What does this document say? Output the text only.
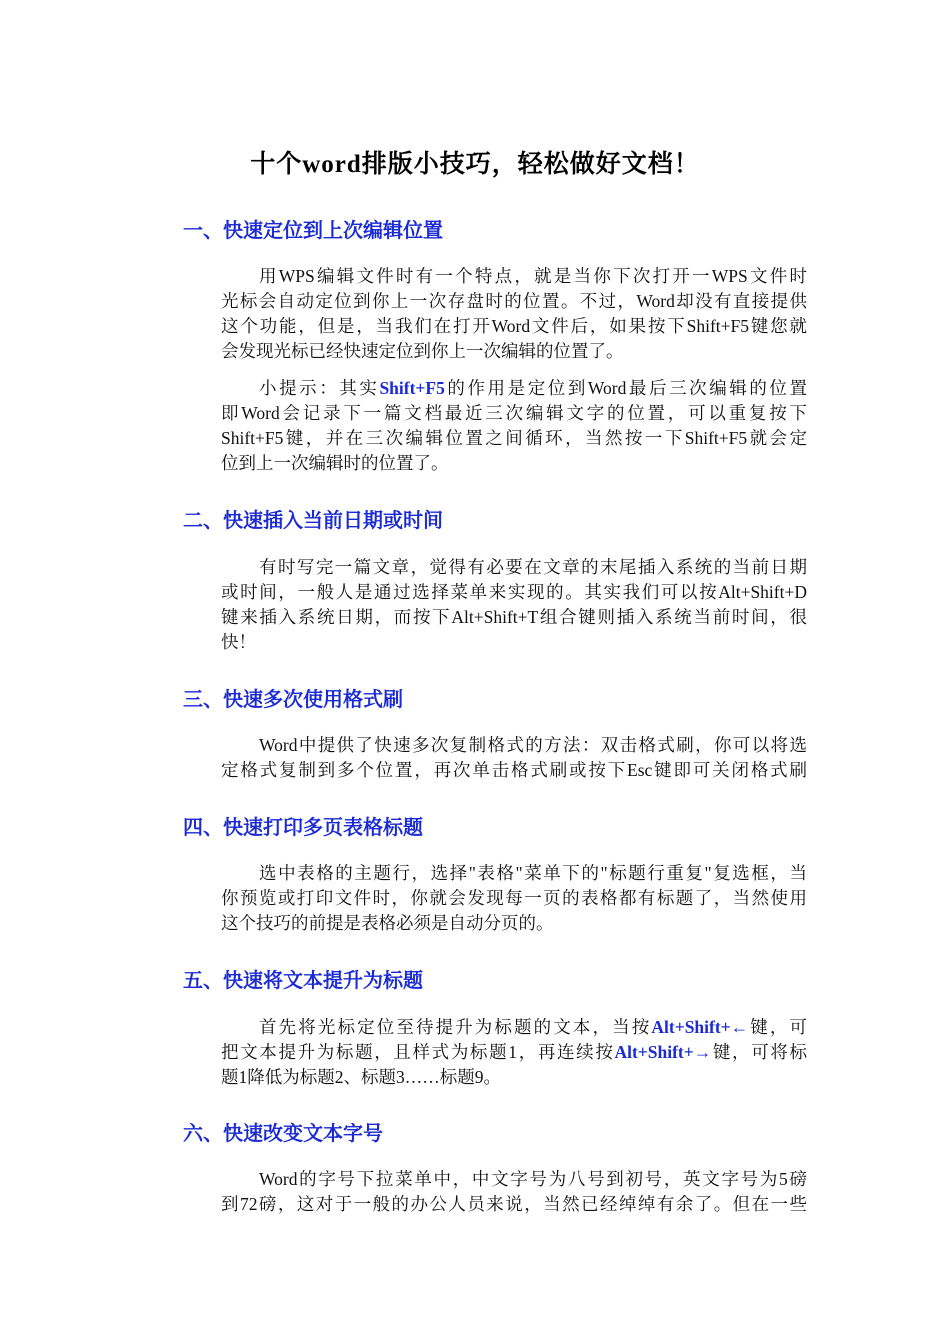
十个word排版小技巧，轻松做好文档！
一、快速定位到上次编辑位置
用WPS编辑文件时有一个特点，就是当你下次打开一WPS文件时
光标会自动定位到你上一次存盘时的位置。不过，Word却没有直接提供
这个功能，但是，当我们在打开Word文件后，如果按下Shift+F5键您就
会发现光标已经快速定位到你上一次编辑的位置了。
小提示：其实Shift+F5的作用是定位到Word最后三次编辑的位置
即Word会记录下一篇文档最近三次编辑文字的位置，可以重复按下
Shift+F5键，并在三次编辑位置之间循环，当然按一下Shift+F5就会定
位到上一次编辑时的位置了。
二、快速插入当前日期或时间
有时写完一篇文章，觉得有必要在文章的末尾插入系统的当前日期
或时间，一般人是通过选择菜单来实现的。其实我们可以按Alt+Shift+D
键来插入系统日期，而按下Alt+Shift+T组合键则插入系统当前时间，很
快！
三、快速多次使用格式刷
Word中提供了快速多次复制格式的方法：双击格式刷，你可以将选
定格式复制到多个位置，再次单击格式刷或按下Esc键即可关闭格式刷
四、快速打印多页表格标题
选中表格的主题行，选择"表格"菜单下的"标题行重复"复选框，当
你预览或打印文件时，你就会发现每一页的表格都有标题了，当然使用
这个技巧的前提是表格必须是自动分页的。
五、快速将文本提升为标题
首先将光标定位至待提升为标题的文本，当按Alt+Shift+←键，可
把文本提升为标题，且样式为标题1，再连续按Alt+Shift+→键，可将标
题1降低为标题2、标题3……标题9。
六、快速改变文本字号
Word的字号下拉菜单中，中文字号为八号到初号，英文字号为5磅
到72磅，这对于一般的办公人员来说，当然已经绰绰有余了。但在一些
